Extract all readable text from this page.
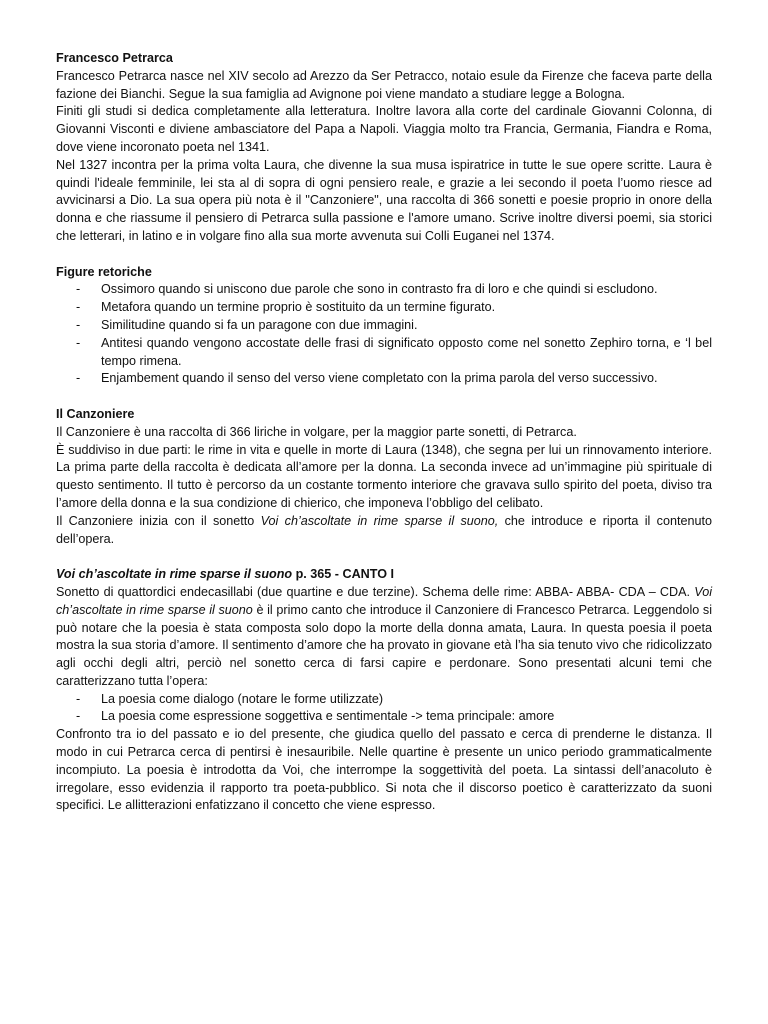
Francesco Petrarca

Francesco Petrarca nasce nel XIV secolo ad Arezzo da Ser Petracco, notaio esule da Firenze che faceva parte della fazione dei Bianchi. Segue la sua famiglia ad Avignone poi viene mandato a studiare legge a Bologna.

Finiti gli studi si dedica completamente alla letteratura. Inoltre lavora alla corte del cardinale Giovanni Colonna, di Giovanni Visconti e diviene ambasciatore del Papa a Napoli. Viaggia molto tra Francia, Germania, Fiandra e Roma, dove viene incoronato poeta nel 1341.

Nel 1327 incontra per la prima volta Laura, che divenne la sua musa ispiratrice in tutte le sue opere scritte. Laura è quindi l'ideale femminile, lei sta al di sopra di ogni pensiero reale, e grazie a lei secondo il poeta l’uomo riesce ad avvicinarsi a Dio. La sua opera più nota è il "Canzoniere", una raccolta di 366 sonetti e poesie proprio in onore della donna e che riassume il pensiero di Petrarca sulla passione e l'amore umano. Scrive inoltre diversi poemi, sia storici che letterari, in latino e in volgare fino alla sua morte avvenuta sui Colli Euganei nel 1374.

Figure retoriche

- Ossimoro quando si uniscono due parole che sono in contrasto fra di loro e che quindi si escludono.
- Metafora quando un termine proprio è sostituito da un termine figurato.
- Similitudine quando si fa un paragone con due immagini.
- Antitesi quando vengono accostate delle frasi di significato opposto come nel sonetto Zephiro torna, e ‘l bel tempo rimena.
- Enjambement quando il senso del verso viene completato con la prima parola del verso successivo.

Il Canzoniere

Il Canzoniere è una raccolta di 366 liriche in volgare, per la maggior parte sonetti, di Petrarca.

È suddiviso in due parti: le rime in vita e quelle in morte di Laura (1348), che segna per lui un rinnovamento interiore. La prima parte della raccolta è dedicata all’amore per la donna. La seconda invece ad un’immagine più spirituale di questo sentimento. Il tutto è percorso da un costante tormento interiore che gravava sullo spirito del poeta, diviso tra l’amore della donna e la sua condizione di chierico, che imponeva l’obbligo del celibato.

Il Canzoniere inizia con il sonetto Voi ch’ascoltate in rime sparse il suono, che introduce e riporta il contenuto dell’opera.

Voi ch’ascoltate in rime sparse il suono p. 365 - CANTO I

Sonetto di quattordici endecasillabi (due quartine e due terzine). Schema delle rime: ABBA- ABBA- CDA – CDA. Voi ch’ascoltate in rime sparse il suono è il primo canto che introduce il Canzoniere di Francesco Petrarca. Leggendolo si può notare che la poesia è stata composta solo dopo la morte della donna amata, Laura. In questa poesia il poeta mostra la sua storia d’amore. Il sentimento d’amore che ha provato in giovane età l’ha sia tenuto vivo che ridicolizzato agli occhi degli altri, perciò nel sonetto cerca di farsi capire e perdonare. Sono presentati alcuni temi che caratterizzano tutta l’opera:

- La poesia come dialogo (notare le forme utilizzate)
- La poesia come espressione soggettiva e sentimentale -> tema principale: amore

Confronto tra io del passato e io del presente, che giudica quello del passato e cerca di prenderne le distanza. Il modo in cui Petrarca cerca di pentirsi è inesauribile. Nelle quartine è presente un unico periodo grammaticalmente incompiuto. La poesia è introdotta da Voi, che interrompe la soggettività del poeta. La sintassi dell’anacoluto è irregolare, esso evidenzia il rapporto tra poeta-pubblico. Si nota che il discorso poetico è caratterizzato da suoni specifici. Le allitterazioni enfatizzano il concetto che viene espresso.
